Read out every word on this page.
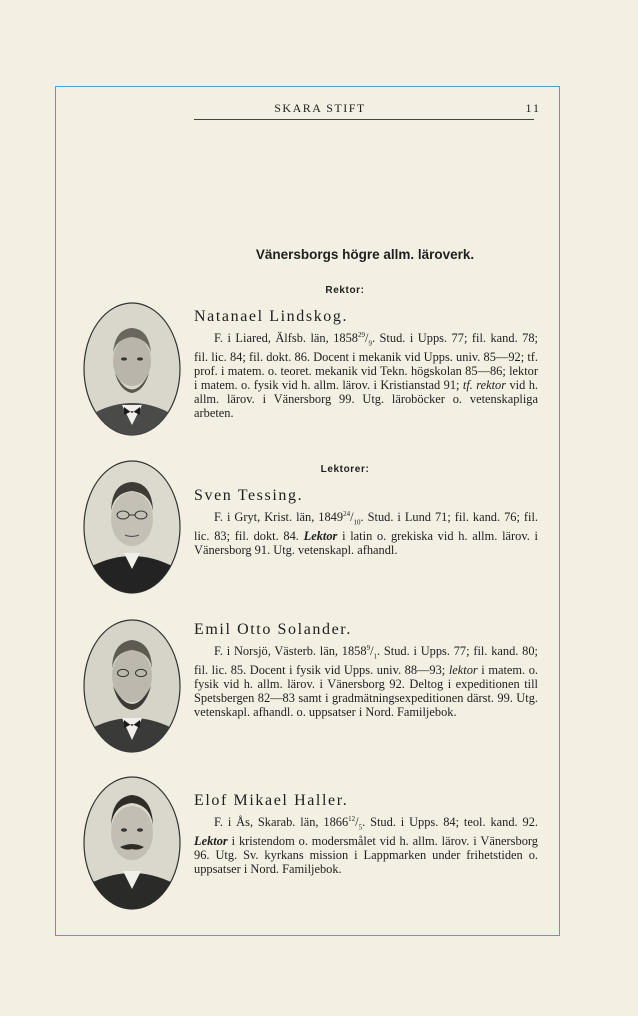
SKARA STIFT	11
Vänersborgs högre allm. läroverk.
Rektor:
Natanael Lindskog.
F. i Liared, Älfsb. län, $1858^{29}/_9$. Stud. i Upps. 77; fil. kand. 78; fil. lic. 84; fil. dokt. 86. Docent i mekanik vid Upps. univ. 85—92; tf. prof. i matem. o. teoret. mekanik vid Tekn. högskolan 85—86; lektor i matem. o. fysik vid h. allm. lärov. i Kristianstad 91; tf. rektor vid h. allm. lärov. i Vänersborg 99. Utg. läroböcker o. vetenskapliga arbeten.
Lektorer:
Sven Tessing.
F. i Gryt, Krist. län, $1849^{24}/_{10}$. Stud. i Lund 71; fil. kand. 76; fil. lic. 83; fil. dokt. 84. Lektor i latin o. grekiska vid h. allm. lärov. i Vänersborg 91. Utg. vetenskapl. afhandl.
Emil Otto Solander.
F. i Norsjö, Västerb. län, $1858^9/_1$. Stud. i Upps. 77; fil. kand. 80; fil. lic. 85. Docent i fysik vid Upps. univ. 88—93; lektor i matem. o. fysik vid h. allm. lärov. i Vänersborg 92. Deltog i expeditionen till Spetsbergen 82—83 samt i gradmätningsexpeditionen därst. 99. Utg. vetenskapl. afhandl. o. uppsatser i Nord. Familjebok.
Elof Mikael Haller.
F. i Ås, Skarab. län, $1866^{12}/_5$. Stud. i Upps. 84; teol. kand. 92. Lektor i kristendom o. modersmålet vid h. allm. lärov. i Vänersborg 96. Utg. Sv. kyrkans mission i Lappmarken under frihetstiden o. uppsatser i Nord. Familjebok.
